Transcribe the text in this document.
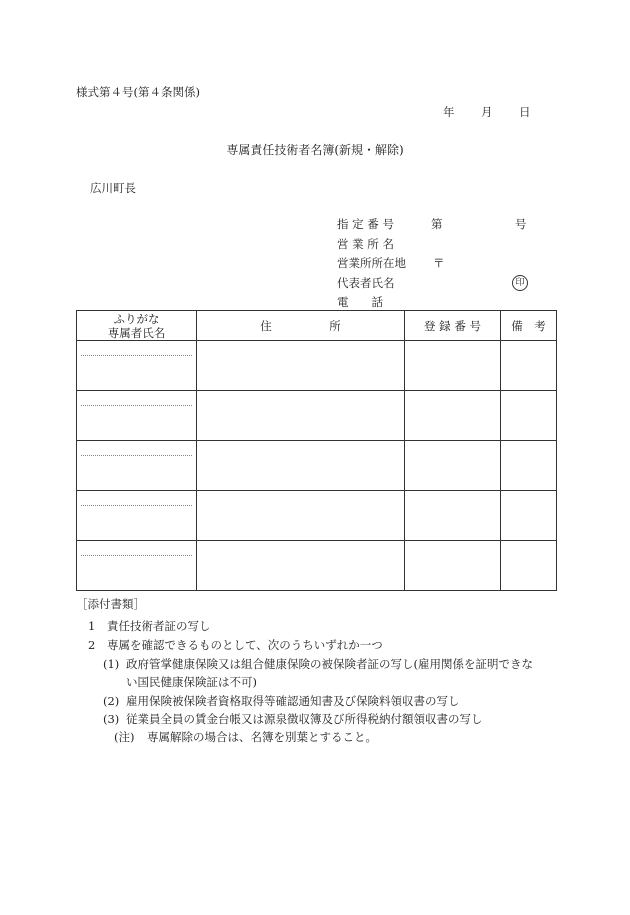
様式第４号(第４条関係)
年 月 日
専属責任技術者名簿(新規・解除)
広川町長
指 定 番 号	第	号
営 業 所 名
営業所所在地 〒
代表者氏名	印
電　　話
ふりがな
専属者氏名	住　　　　　所	登 録 番 号	備　考

［添付書類］
1 責任技術者証の写し
2 専属を確認できるものとして、次のうちいずれか一つ
(1) 政府管掌健康保険又は組合健康保険の被保険者証の写し(雇用関係を証明できな
い国民健康保険証は不可)
(2) 雇用保険被保険者資格取得等確認通知書及び保険料領収書の写し
(3) 従業員全員の賃金台帳又は源泉徴収簿及び所得税納付額領収書の写し
(注) 専属解除の場合は、名簿を別葉とすること。
